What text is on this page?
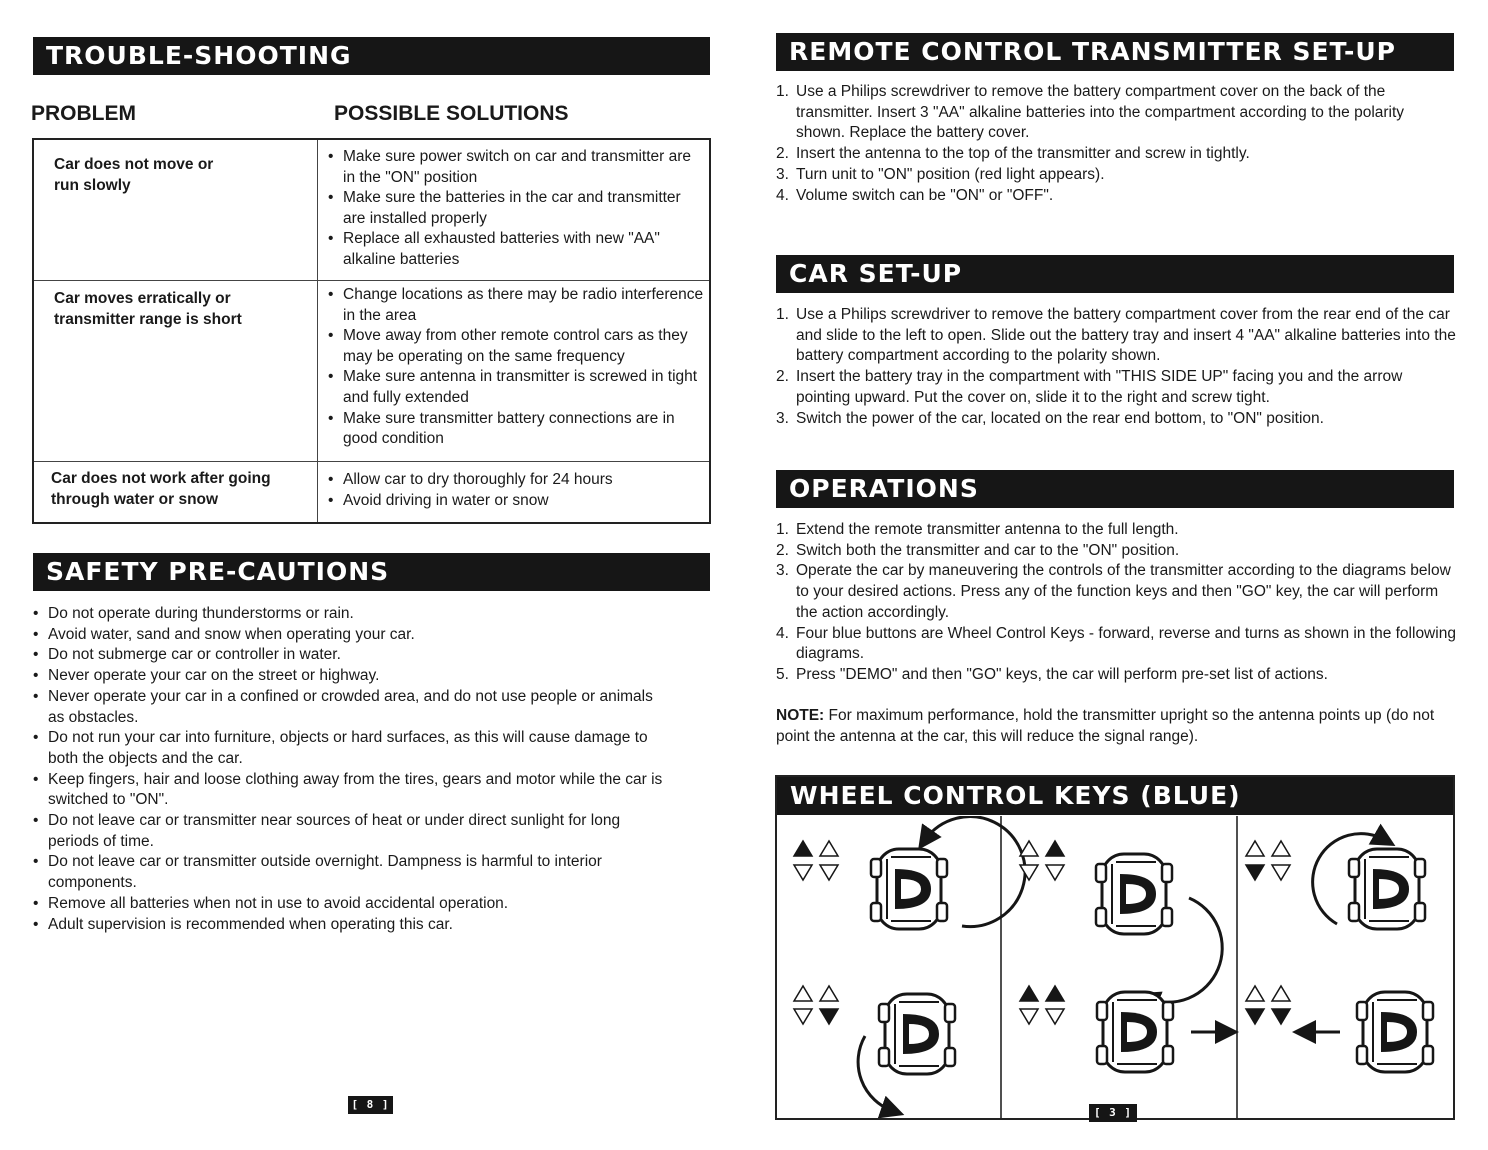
TROUBLE-SHOOTING
PROBLEM	POSSIBLE SOLUTIONS
Car does not move or run slowly
• Make sure power switch on car and transmitter are in the "ON" position
• Make sure the batteries in the car and transmitter are installed properly
• Replace all exhausted batteries with new "AA" alkaline batteries
Car moves erratically or transmitter range is short
• Change locations as there may be radio interference in the area
• Move away from other remote control cars as they may be operating on the same frequency
• Make sure antenna in transmitter is screwed in tight and fully extended
• Make sure transmitter battery connections are in good condition
Car does not work after going through water or snow
• Allow car to dry thoroughly for 24 hours
• Avoid driving in water or snow
SAFETY PRE-CAUTIONS
• Do not operate during thunderstorms or rain.
• Avoid water, sand and snow when operating your car.
• Do not submerge car or controller in water.
• Never operate your car on the street or highway.
• Never operate your car in a confined or crowded area, and do not use people or animals as obstacles.
• Do not run your car into furniture, objects or hard surfaces, as this will cause damage to both the objects and the car.
• Keep fingers, hair and loose clothing away from the tires, gears and motor while the car is switched to "ON".
• Do not leave car or transmitter near sources of heat or under direct sunlight for long periods of time.
• Do not leave car or transmitter outside overnight. Dampness is harmful to interior components.
• Remove all batteries when not in use to avoid accidental operation.
• Adult supervision is recommended when operating this car.
[ 8 ]
REMOTE CONTROL TRANSMITTER SET-UP
1. Use a Philips screwdriver to remove the battery compartment cover on the back of the transmitter. Insert 3 "AA" alkaline batteries into the compartment according to the polarity shown. Replace the battery cover.
2. Insert the antenna to the top of the transmitter and screw in tightly.
3. Turn unit to "ON" position (red light appears).
4. Volume switch can be "ON" or "OFF".
CAR SET-UP
1. Use a Philips screwdriver to remove the battery compartment cover from the rear end of the car and slide to the left to open. Slide out the battery tray and insert 4 "AA" alkaline batteries into the battery compartment according to the polarity shown.
2. Insert the battery tray in the compartment with "THIS SIDE UP" facing you and the arrow pointing upward. Put the cover on, slide it to the right and screw tight.
3. Switch the power of the car, located on the rear end bottom, to "ON" position.
OPERATIONS
1. Extend the remote transmitter antenna to the full length.
2. Switch both the transmitter and car to the "ON" position.
3. Operate the car by maneuvering the controls of the transmitter according to the diagrams below to your desired actions. Press any of the function keys and then "GO" key, the car will perform the action accordingly.
4. Four blue buttons are Wheel Control Keys - forward, reverse and turns as shown in the following diagrams.
5. Press "DEMO" and then "GO" keys, the car will perform pre-set list of actions.
NOTE: For maximum performance, hold the transmitter upright so the antenna points up (do not point the antenna at the car, this will reduce the signal range).
WHEEL CONTROL KEYS (BLUE)
[ 3 ]
